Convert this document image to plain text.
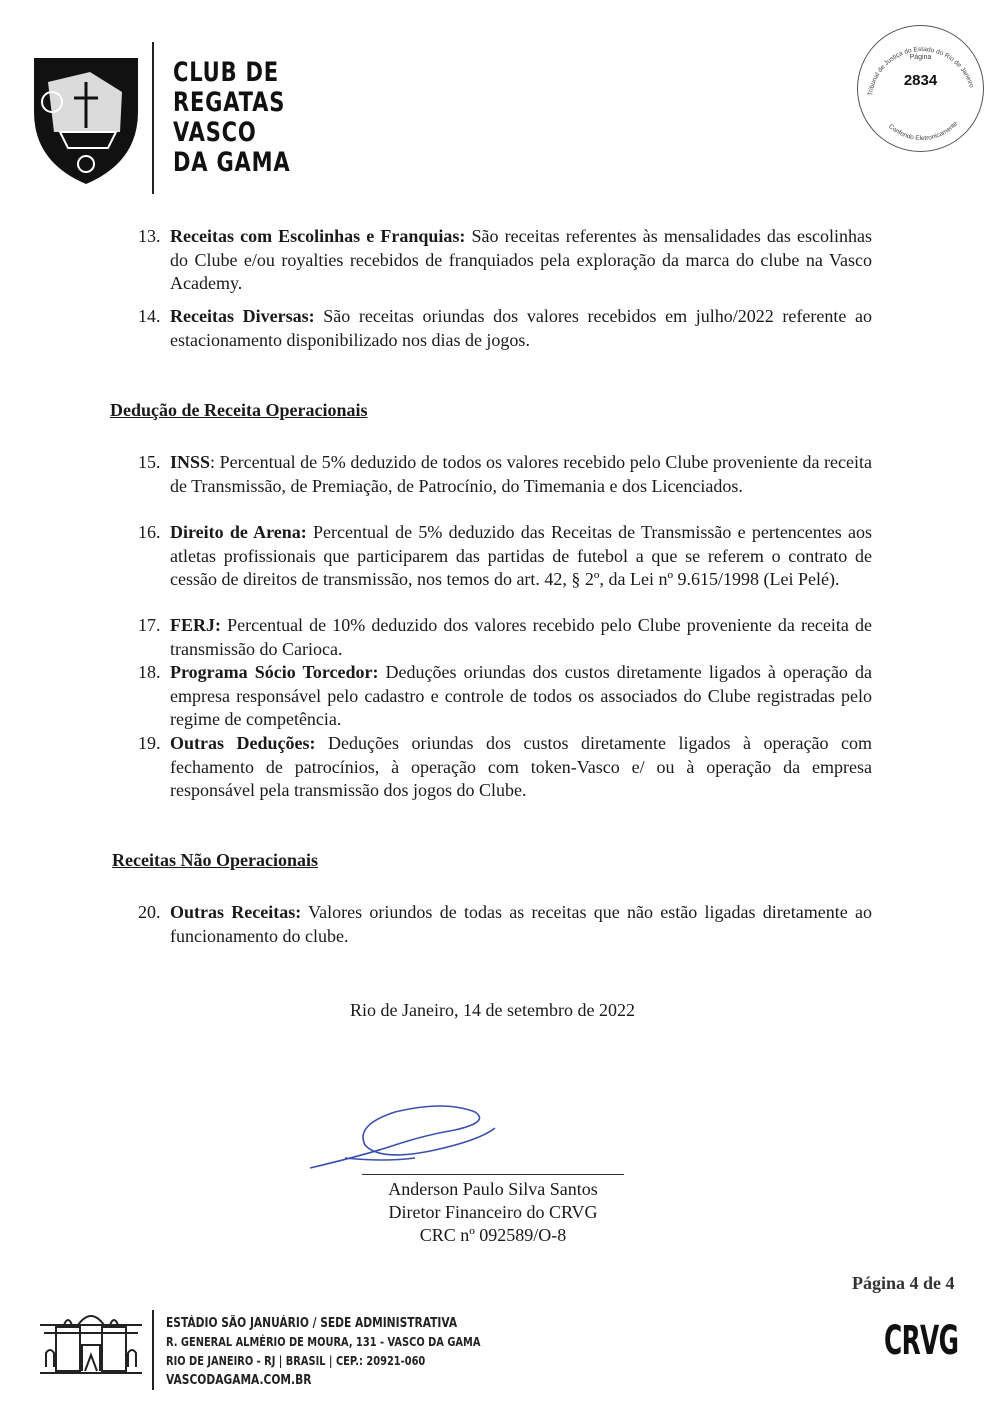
CLUB DE
REGATAS
VASCO
DA GAMA
Tribunal de Justiça do Estado do Rio de Janeiro
Conferido Eletronicamente
Página
2834
13. Receitas com Escolinhas e Franquias: São receitas referentes às mensalidades das escolinhas do Clube e/ou royalties recebidos de franquiados pela exploração da marca do clube na Vasco Academy.
14. Receitas Diversas: São receitas oriundas dos valores recebidos em julho/2022 referente ao estacionamento disponibilizado nos dias de jogos.
Dedução de Receita Operacionais
15. INSS: Percentual de 5% deduzido de todos os valores recebido pelo Clube proveniente da receita de Transmissão, de Premiação, de Patrocínio, do Timemania e dos Licenciados.
16. Direito de Arena: Percentual de 5% deduzido das Receitas de Transmissão e pertencentes aos atletas profissionais que participarem das partidas de futebol a que se referem o contrato de cessão de direitos de transmissão, nos temos do art. 42, § 2º, da Lei nº 9.615/1998 (Lei Pelé).
17. FERJ: Percentual de 10% deduzido dos valores recebido pelo Clube proveniente da receita de transmissão do Carioca.
18. Programa Sócio Torcedor: Deduções oriundas dos custos diretamente ligados à operação da empresa responsável pelo cadastro e controle de todos os associados do Clube registradas pelo regime de competência.
19. Outras Deduções: Deduções oriundas dos custos diretamente ligados à operação com fechamento de patrocínios, à operação com token-Vasco e/ ou à operação da empresa responsável pela transmissão dos jogos do Clube.
Receitas Não Operacionais
20. Outras Receitas: Valores oriundos de todas as receitas que não estão ligadas diretamente ao funcionamento do clube.
Rio de Janeiro, 14 de setembro de 2022
Anderson Paulo Silva Santos
Diretor Financeiro do CRVG
CRC nº 092589/O-8
Página 4 de 4
ESTÁDIO SÃO JANUÁRIO / SEDE ADMINISTRATIVA
R. GENERAL ALMÉRIO DE MOURA, 131 - VASCO DA GAMA
RIO DE JANEIRO - RJ | BRASIL | CEP.: 20921-060
VASCODAGAMA.COM.BR
CRVG
